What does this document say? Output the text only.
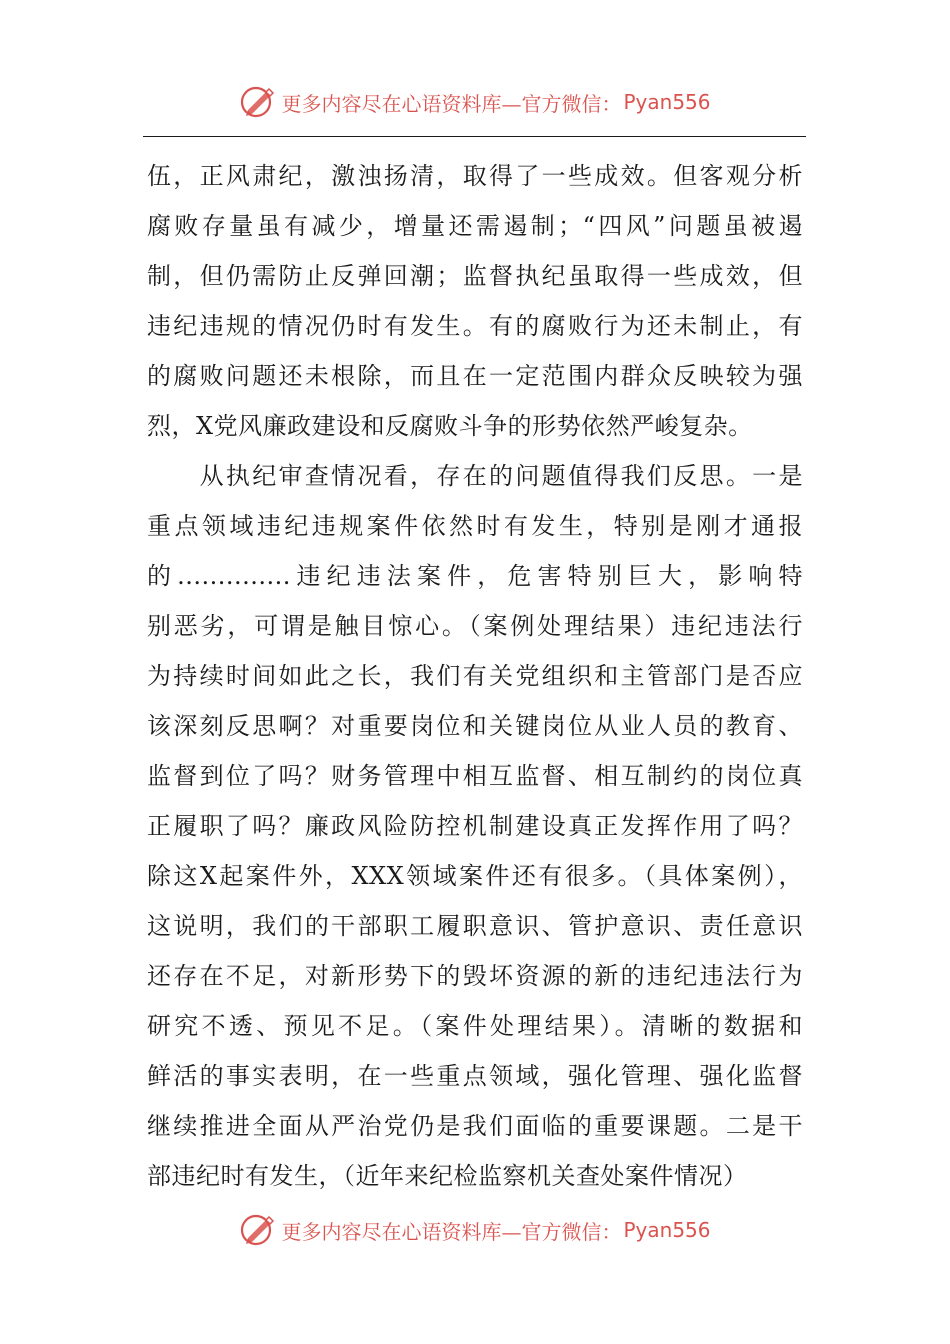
更多内容尽在心语资料库—官方微信： Pyan556
伍，正风肃纪，激浊扬清，取得了一些成效。但客观分析
腐败存量虽有减少，增量还需遏制；“四风”问题虽被遏
制，但仍需防止反弹回潮；监督执纪虽取得一些成效，但
违纪违规的情况仍时有发生。有的腐败行为还未制止，有
的腐败问题还未根除，而且在一定范围内群众反映较为强
烈，X党风廉政建设和反腐败斗争的形势依然严峻复杂。
　　从执纪审查情况看，存在的问题值得我们反思。一是
重点领域违纪违规案件依然时有发生，特别是刚才通报
的..............违纪违法案件，危害特别巨大，影响特
别恶劣，可谓是触目惊心。（案例处理结果）违纪违法行
为持续时间如此之长，我们有关党组织和主管部门是否应
该深刻反思啊？对重要岗位和关键岗位从业人员的教育、
监督到位了吗？财务管理中相互监督、相互制约的岗位真
正履职了吗？廉政风险防控机制建设真正发挥作用了吗？
除这X起案件外，XXX领域案件还有很多。（具体案例），
这说明，我们的干部职工履职意识、管护意识、责任意识
还存在不足，对新形势下的毁坏资源的新的违纪违法行为
研究不透、预见不足。（案件处理结果）。清晰的数据和
鲜活的事实表明，在一些重点领域，强化管理、强化监督
继续推进全面从严治党仍是我们面临的重要课题。二是干
部违纪时有发生，（近年来纪检监察机关查处案件情况）
更多内容尽在心语资料库—官方微信： Pyan556
